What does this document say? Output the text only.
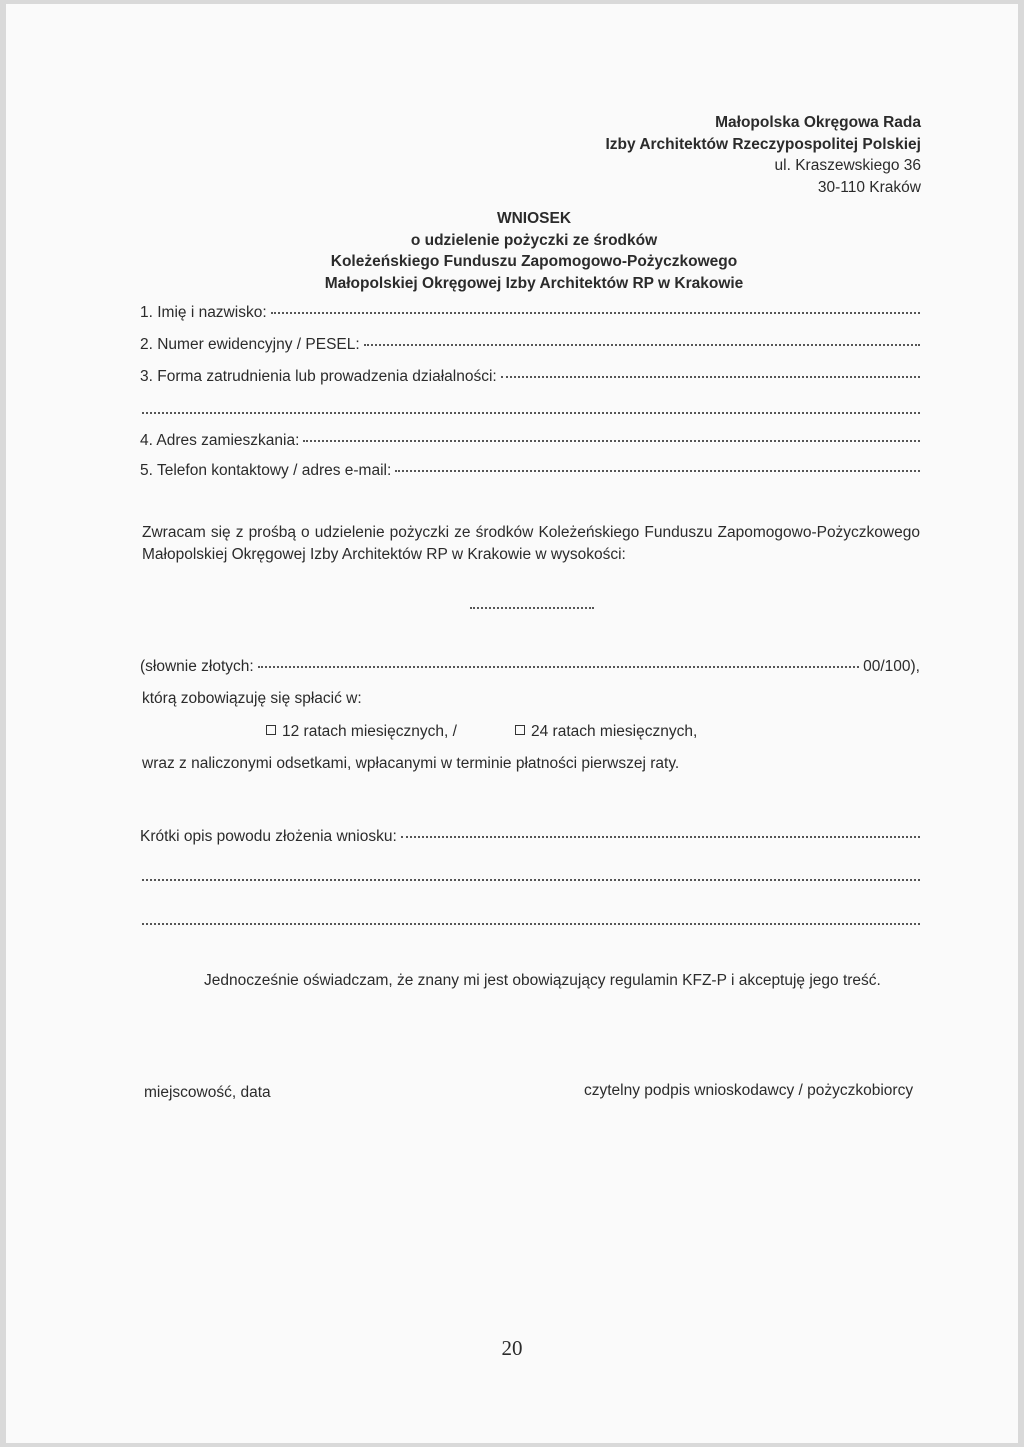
Małopolska Okręgowa Rada
Izby Architektów Rzeczypospolitej Polskiej
ul. Kraszewskiego 36
30-110 Kraków
WNIOSEK
o udzielenie pożyczki ze środków
Koleżeńskiego Funduszu Zapomogowo-Pożyczkowego
Małopolskiej Okręgowej Izby Architektów RP w Krakowie
1. Imię i nazwisko:
2. Numer ewidencyjny / PESEL:
3. Forma zatrudnienia lub prowadzenia działalności:
4. Adres zamieszkania:
5. Telefon kontaktowy / adres e-mail:
Zwracam się z prośbą o udzielenie pożyczki ze środków Koleżeńskiego Funduszu Zapomogowo-Pożyczkowego Małopolskiej Okręgowej Izby Architektów RP w Krakowie w wysokości:
(słownie złotych:	00/100),
którą zobowiązuję się spłacić w:
12 ratach miesięcznych, /	24 ratach miesięcznych,
wraz z naliczonymi odsetkami, wpłacanymi w terminie płatności pierwszej raty.
Krótki opis powodu złożenia wniosku:
Jednocześnie oświadczam, że znany mi jest obowiązujący regulamin KFZ-P i akceptuję jego treść.
miejscowość, data	czytelny podpis wnioskodawcy / pożyczkobiorcy
20
